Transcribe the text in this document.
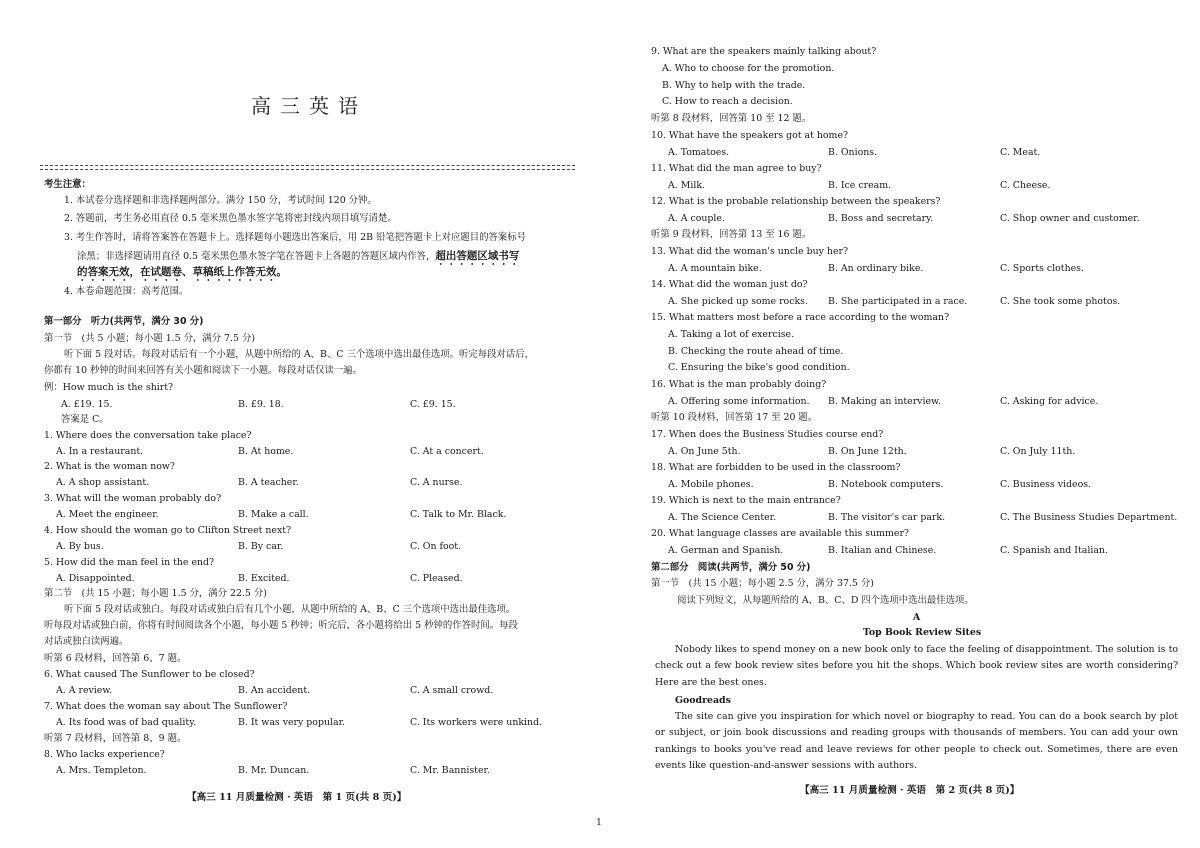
高三英语
考生注意：
1. 本试卷分选择题和非选择题两部分。满分 150 分，考试时间 120 分钟。
2. 答题前，考生务必用直径 0.5 毫米黑色墨水签字笔将密封线内项目填写清楚。
3. 考生作答时，请将答案答在答题卡上。选择题每小题选出答案后，用 2B 铅笔把答题卡上对应题目的答案标号
涂黑；非选择题请用直径 0.5 毫米黑色墨水签字笔在答题卡上各题的答题区域内作答，超出答题区域书写
的答案无效，在试题卷、草稿纸上作答无效。
4. 本卷命题范围：高考范围。
第一部分　听力(共两节，满分 30 分)
第一节　(共 5 小题；每小题 1.5 分，满分 7.5 分)
听下面 5 段对话。每段对话后有一个小题，从题中所给的 A、B、C 三个选项中选出最佳选项。听完每段对话后，
你都有 10 秒钟的时间来回答有关小题和阅读下一小题。每段对话仅读一遍。
例：How much is the shirt?
A. £19. 15.	B. £9. 18.	C. £9. 15.
答案是 C。
1. Where does the conversation take place?
A. In a restaurant.	B. At home.	C. At a concert.
2. What is the woman now?
A. A shop assistant.	B. A teacher.	C. A nurse.
3. What will the woman probably do?
A. Meet the engineer.	B. Make a call.	C. Talk to Mr. Black.
4. How should the woman go to Clifton Street next?
A. By bus.	B. By car.	C. On foot.
5. How did the man feel in the end?
A. Disappointed.	B. Excited.	C. Pleased.
第二节　(共 15 小题；每小题 1.5 分，满分 22.5 分)
听下面 5 段对话或独白。每段对话或独白后有几个小题，从题中所给的 A、B、C 三个选项中选出最佳选项。
听每段对话或独白前，你将有时间阅读各个小题，每小题 5 秒钟；听完后，各小题将给出 5 秒钟的作答时间。每段
对话或独白读两遍。
听第 6 段材料，回答第 6、7 题。
6. What caused The Sunflower to be closed?
A. A review.	B. An accident.	C. A small crowd.
7. What does the woman say about The Sunflower?
A. Its food was of bad quality.	B. It was very popular.	C. Its workers were unkind.
听第 7 段材料，回答第 8、9 题。
8. Who lacks experience?
A. Mrs. Templeton.	B. Mr. Duncan.	C. Mr. Bannister.
【高三 11 月质量检测 · 英语　第 1 页(共 8 页)】
9. What are the speakers mainly talking about?
A. Who to choose for the promotion.
B. Why to help with the trade.
C. How to reach a decision.
听第 8 段材料，回答第 10 至 12 题。
10. What have the speakers got at home?
A. Tomatoes.	B. Onions.	C. Meat.
11. What did the man agree to buy?
A. Milk.	B. Ice cream.	C. Cheese.
12. What is the probable relationship between the speakers?
A. A couple.	B. Boss and secretary.	C. Shop owner and customer.
听第 9 段材料，回答第 13 至 16 题。
13. What did the woman's uncle buy her?
A. A mountain bike.	B. An ordinary bike.	C. Sports clothes.
14. What did the woman just do?
A. She picked up some rocks. B. She participated in a race.	C. She took some photos.
15. What matters most before a race according to the woman?
A. Taking a lot of exercise.
B. Checking the route ahead of time.
C. Ensuring the bike's good condition.
16. What is the man probably doing?
A. Offering some information. B. Making an interview.	C. Asking for advice.
听第 10 段材料，回答第 17 至 20 题。
17. When does the Business Studies course end?
A. On June 5th.	B. On June 12th.	C. On July 11th.
18. What are forbidden to be used in the classroom?
A. Mobile phones.	B. Notebook computers.	C. Business videos.
19. Which is next to the main entrance?
A. The Science Center.	B. The visitor's car park.	C. The Business Studies Department.
20. What language classes are available this summer?
A. German and Spanish.	B. Italian and Chinese.	C. Spanish and Italian.
第二部分　阅读(共两节，满分 50 分)
第一节　(共 15 小题；每小题 2.5 分，满分 37.5 分)
阅读下列短文，从每题所给的 A、B、C、D 四个选项中选出最佳选项。
A
Top Book Review Sites
Nobody likes to spend money on a new book only to face the feeling of disappointment. The solution is to check out a few book review sites before you hit the shops. Which book review sites are worth considering? Here are the best ones.
Goodreads
The site can give you inspiration for which novel or biography to read. You can do a book search by plot or subject, or join book discussions and reading groups with thousands of members. You can add your own rankings to books you've read and leave reviews for other people to check out. Sometimes, there are even events like question-and-answer sessions with authors.
【高三 11 月质量检测 · 英语　第 2 页(共 8 页)】
1
